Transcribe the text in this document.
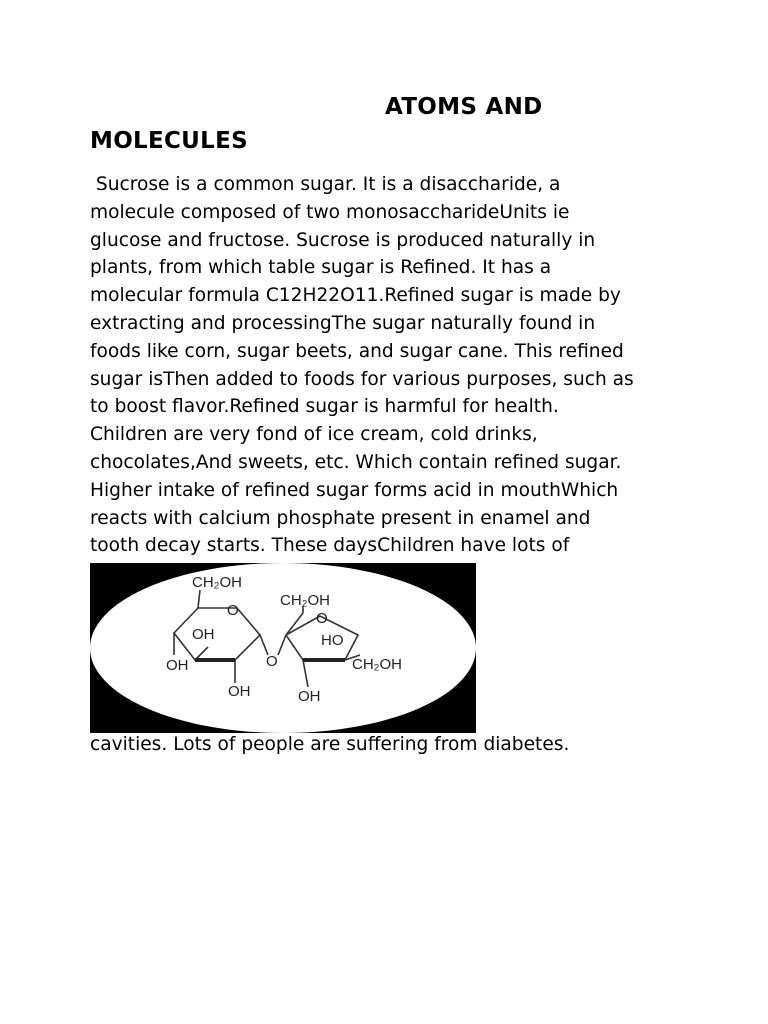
ATOMS AND
MOLECULES
Sucrose is a common sugar. It is a disaccharide, a
molecule composed of two monosaccharideUnits ie
glucose and fructose. Sucrose is produced naturally in
plants, from which table sugar is Refined. It has a
molecular formula C12H22O11.Refined sugar is made by
extracting and processingThe sugar naturally found in
foods like corn, sugar beets, and sugar cane. This refined
sugar isThen added to foods for various purposes, such as
to boost flavor.Refined sugar is harmful for health.
Children are very fond of ice cream, cold drinks,
chocolates,And sweets, etc. Which contain refined sugar.
Higher intake of refined sugar forms acid in mouthWhich
reacts with calcium phosphate present in enamel and
tooth decay starts. These daysChildren have lots of
CH₂OH
O
OH
OH
OH
O
CH₂OH
O
HO
CH₂OH
OH
cavities. Lots of people are suffering from diabetes.
